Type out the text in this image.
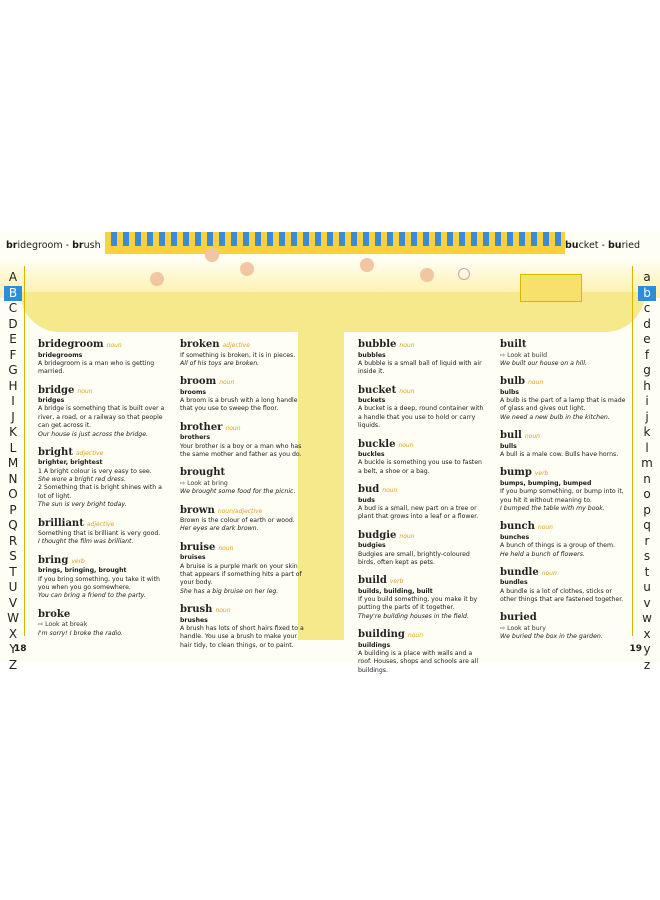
bridegroom - brush	bucket - buried
A
B
C
D
E
F
G
H
I
J
K
L
M
N
O
P
Q
R
S
T
U
V
W
X
Y
Z
a
b
c
d
e
f
g
h
i
j
k
l
m
n
o
p
q
r
s
t
u
v
w
x
y
z
18	19
bridegroom noun
bridegrooms
A bridegroom is a man who is getting married.
bridge noun
bridges
A bridge is something that is built over a river, a road, or a railway so that people can get across it.
Our house is just across the bridge.
bright adjective
brighter, brightest
1 A bright colour is very easy to see.
She wore a bright red dress.
2 Something that is bright shines with a lot of light.
The sun is very bright today.
brilliant adjective
Something that is brilliant is very good.
I thought the film was brilliant.
bring verb
brings, bringing, brought
If you bring something, you take it with you when you go somewhere.
You can bring a friend to the party.
broke
⇨ Look at break
I'm sorry! I broke the radio.
broken adjective
If something is broken, it is in pieces.
All of his toys are broken.
broom noun
brooms
A broom is a brush with a long handle that you use to sweep the floor.
brother noun
brothers
Your brother is a boy or a man who has the same mother and father as you do.
brought
⇨ Look at bring
We brought some food for the picnic.
brown noun/adjective
Brown is the colour of earth or wood.
Her eyes are dark brown.
bruise noun
bruises
A bruise is a purple mark on your skin that appears if something hits a part of your body.
She has a big bruise on her leg.
brush noun
brushes
A brush has lots of short hairs fixed to a handle. You use a brush to make your hair tidy, to clean things, or to paint.
bubble noun
bubbles
A bubble is a small ball of liquid with air inside it.
bucket noun
buckets
A bucket is a deep, round container with a handle that you use to hold or carry liquids.
buckle noun
buckles
A buckle is something you use to fasten a belt, a shoe or a bag.
bud noun
buds
A bud is a small, new part on a tree or plant that grows into a leaf or a flower.
budgie noun
budgies
Budgies are small, brightly-coloured birds, often kept as pets.
build verb
builds, building, built
If you build something, you make it by putting the parts of it together.
They're building houses in the field.
building noun
buildings
A building is a place with walls and a roof. Houses, shops and schools are all buildings.
built
⇨ Look at build
We built our house on a hill.
bulb noun
bulbs
A bulb is the part of a lamp that is made of glass and gives out light.
We need a new bulb in the kitchen.
bull noun
bulls
A bull is a male cow. Bulls have horns.
bump verb
bumps, bumping, bumped
If you bump something, or bump into it, you hit it without meaning to.
I bumped the table with my book.
bunch noun
bunches
A bunch of things is a group of them.
He held a bunch of flowers.
bundle noun
bundles
A bundle is a lot of clothes, sticks or other things that are fastened together.
buried
⇨ Look at bury
We buried the box in the garden.
